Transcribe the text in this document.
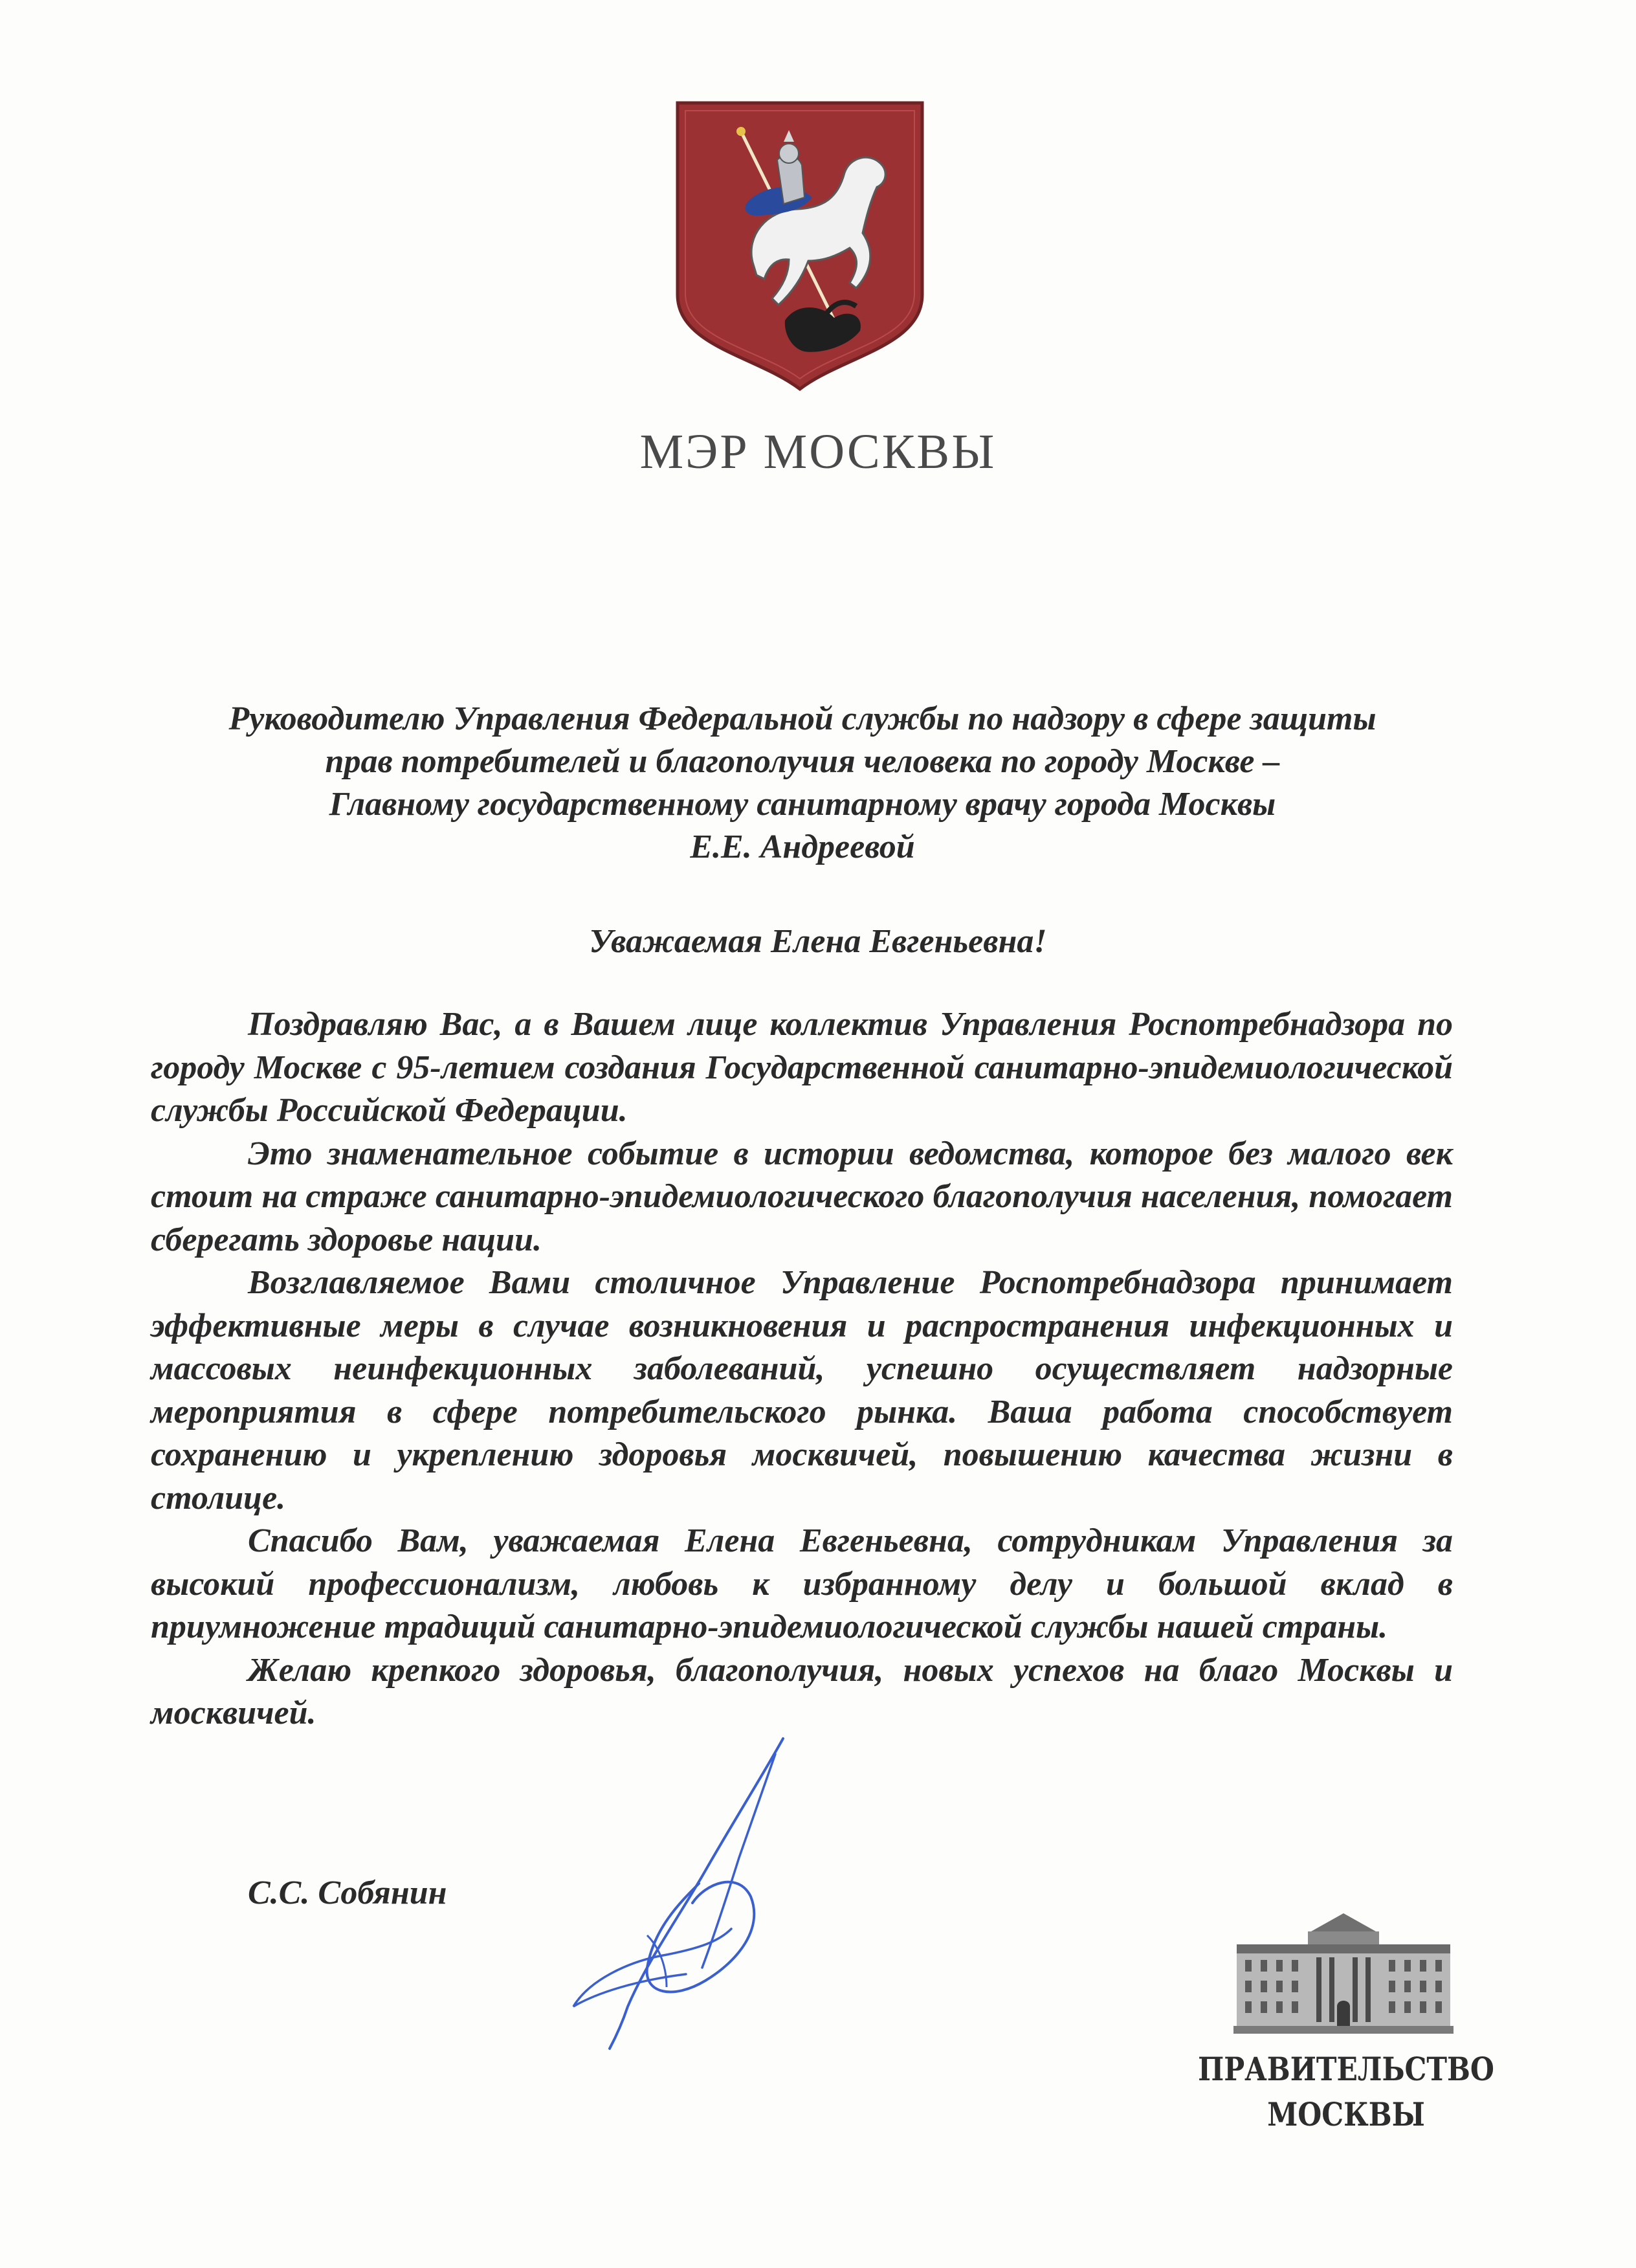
МЭР МОСКВЫ
Руководителю Управления Федеральной службы по надзору в сфере защиты
прав потребителей и благополучия человека по городу Москве –
Главному государственному санитарному врачу города Москвы
Е.Е. Андреевой
Уважаемая Елена Евгеньевна!

Поздравляю Вас, а в Вашем лице коллектив Управления Роспотребнадзора по городу Москве с 95-летием создания Государственной санитарно-эпидемиологической службы Российской Федерации.

Это знаменательное событие в истории ведомства, которое без малого век стоит на страже санитарно-эпидемиологического благополучия населения, помогает сберегать здоровье нации.

Возглавляемое Вами столичное Управление Роспотребнадзора принимает эффективные меры в случае возникновения и распространения инфекционных и массовых неинфекционных заболеваний, успешно осуществляет надзорные мероприятия в сфере потребительского рынка. Ваша работа способствует сохранению и укреплению здоровья москвичей, повышению качества жизни в столице.

Спасибо Вам, уважаемая Елена Евгеньевна, сотрудникам Управления за высокий профессионализм, любовь к избранному делу и большой вклад в приумножение традиций санитарно-эпидемиологической службы нашей страны.

Желаю крепкого здоровья, благополучия, новых успехов на благо Москвы и москвичей.

С.С. Собянин
ПРАВИТЕЛЬСТВО
МОСКВЫ
